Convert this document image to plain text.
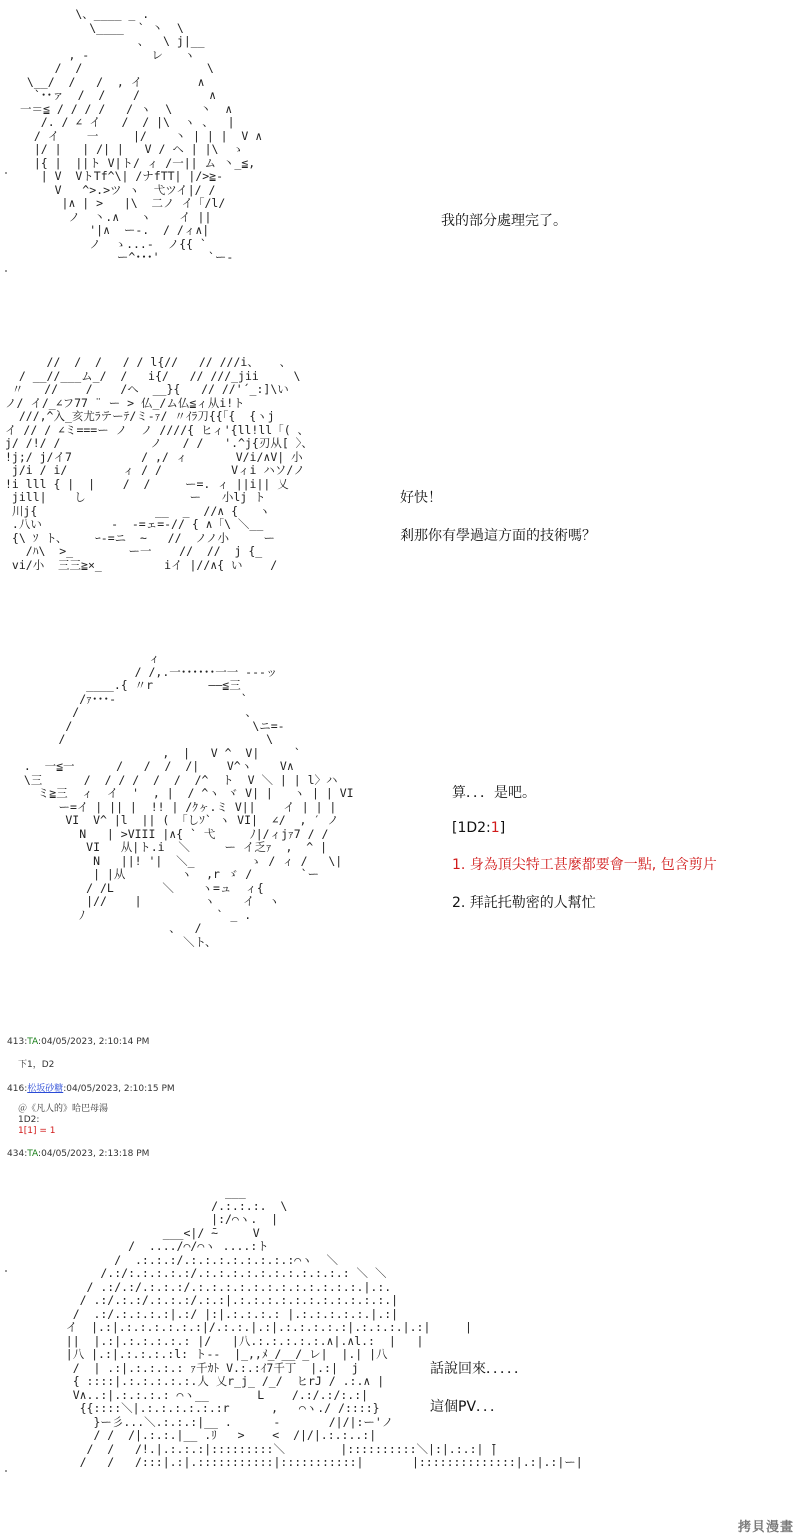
\、____ _ .
\____  ` 丶  \
、  \ j|__
, -         レ   ヽ
/  /                  \
\__/  /   /  , イ        ∧
`･･ァ  /  /    /          ∧
一＝≦ / / / /   / ヽ  \    丶  ∧
/. / ∠ イ   /  / |\  ヽ 、  |
/ イ    一     |/    丶 | | |  V ∧
|/ |   | /| |   V / ヘ | |\  ゝ
|{ |  ||ト V|ト/ ィ /一|| ム 丶_≦,
| V  VトTf^\| /ナfTT| |/>≧-
V   ^>.>ツ ヽ  弋ツイ|/ /
|∧ | >   |\  二ノ イ「/l/
ノ  丶.∧   ヽ    イ ||
'|∧  ー-.  / /ィ∧|
ノ  ゝ...-  ノ{{ `
ー^･･･'       `ー-
我的部分處理完了。
//  /  /   / / l{//   // ///i、   、
/ __//___ム_/  /   i{/   // ///_jii     \
〃   //    /    /へ  __}{   // //'´_:]\い
ノ/ イ/_∠フ77 ¨ ー > 仏_/ム仏≦ィ从i!ト
///,^入_亥尤ﾗテーﾃ/ミ-ｧ/ 〃ｲﾗ刀{{「{  {ヽj
イ // / ∠ミ===ー ノ  ノ ////{ ヒィ'{ll!ll「( 、
j/ /!/ /             ノ   / /   '.^j{刃从[ 〉、
!j;/ j/イ7          / ,/ ィ       V/i/∧V| 小
j/i / i/        ィ / /          Vィi ハソ/ノ
!i lll { |  |    /  /     ー=. ィ ||i|| 乂
jill|    し               ー   小lj ト
川j{                 __  _  //∧ {   ヽ
.八い          -  -=ェ=-// { ∧「\ ＼__
{\ ｿ ト、    ｰ-=ニ  ~   //  ノノ小     ー
/ﾊ\  >_        ー一    //  //  j {_
vi/小  三三≧×_         iイ |//∧{ い    /
好快！
剎那你有學過這方面的技術嗎？
ィ
/ /,.一･･････一一 ---ッ
____.{ 〃r        ――≦三
/ｧ･･･-                  `
/                        、
/                          \ニ=-
/                             \
,  |   V ^  V|     `
.  一≦一      /   /  /  /|    V^ヽ    V∧
\三      /  / / /  /  /  /^  ト  V ＼ | | l〉ハ
ミ≧三  ィ  イ  '  , |  / ^ヽ ヾ V| |   ヽ | | VI
ー=イ | || |  !! | /ｸヶ.ミ V||    イ | | |
VI  V^ |l  || ( 「しｿ` ヽ VI|  ∠/  , ′ ノ
N   | >VIII |∧{ ` 弋     ﾉ|/ィjｧ7 / /
VI   从|ト.i  ＼     ー イ乏ｧ  ,  ^ |
N   ||! '|  ＼_        ゝ / ィ /   \|
| |从        ヽ  ,r ゞ /       `ー
/ /L       ＼    ヽ=ュ  ィ{
|//    |         ヽ    イ  ヽ
ﾉ                   ` _ .
、  /
＼ト、
算．．．是吧。
[1D2:1]
1. 身為頂尖特工甚麼都要會一點, 包含剪片
2. 拜託托勒密的人幫忙
413:TA:04/05/2023, 2:10:14 PM
下1，D2
416:松坂砂糖:04/05/2023, 2:10:15 PM
＠《凡人的》哈巴母湯
1D2:
1[1] = 1
434:TA:04/05/2023, 2:13:18 PM
___
/.:.:.:.  \
|:/⌒ヽ.  |
___<|/ ̄~     V
/  ..../⌒/⌒ヽ ....:ト
/  .:.:.:/.:.:.:.:.:.:.:.:⌒ヽ  ＼
/.:/:.:.:.:.:/.:.:.:.:.:.:.:.:.:.:.: ＼ ＼
/ .:/.:/.:.:.:/.:.:.:.:.:.:.:.:.:.:.:.:.|.:.
/ .:/.:.:/.:.:.:/.:.:|.:.:.:.:.:.:.:.:.:.:.:.|
/  .:/.:.:.:.:|.:/ |:|.:.:.:.: |.:.:.:.:.:.|.:|
イ  |.:|.:.:.:.:.:.:|/.:.:.|.:|.:.:.:.:.:|.:.:.:.|.:|     |
||  |.:|.:.:.:.:.: |/   |八.:.:.:.:.:.∧|.∧l.:  |   |
|八 |.:|.:.:.:.:l: ト--  |_,,ﾒ_/__/_レ|  |.| |八
/  | .:|.:.:.:.: ｧ千ｶﾄ V.:.:ｲ7千丁  |.:|  j
{ ::::|.:.:.:.:.:.人 乂r_j_ /_/  ヒrJ / .:.∧ |
V∧..:|.:.:.:.: ⌒ヽ__       L    /.:/.:/:.:|
{{::::＼|.:.:.:.:.:.:r      ,   ⌒ヽ./ /::::}
}ー彡...＼.:.:.:|__ .      -       /|/|:ー'ノ
/ /  /|.:.:.|__ .ﾘ   >    <  /|/|.:.:..:|
/  /   /!.|.:.:.:|:::::::::＼        |::::::::::＼|:|.:.:| ̄|
/   /   /:::|.:|.:::::::::::|:::::::::::|       |::::::::::::::|.:|.:|ー|
話說回來．．．．．
這個PV．．．
拷貝漫畫
